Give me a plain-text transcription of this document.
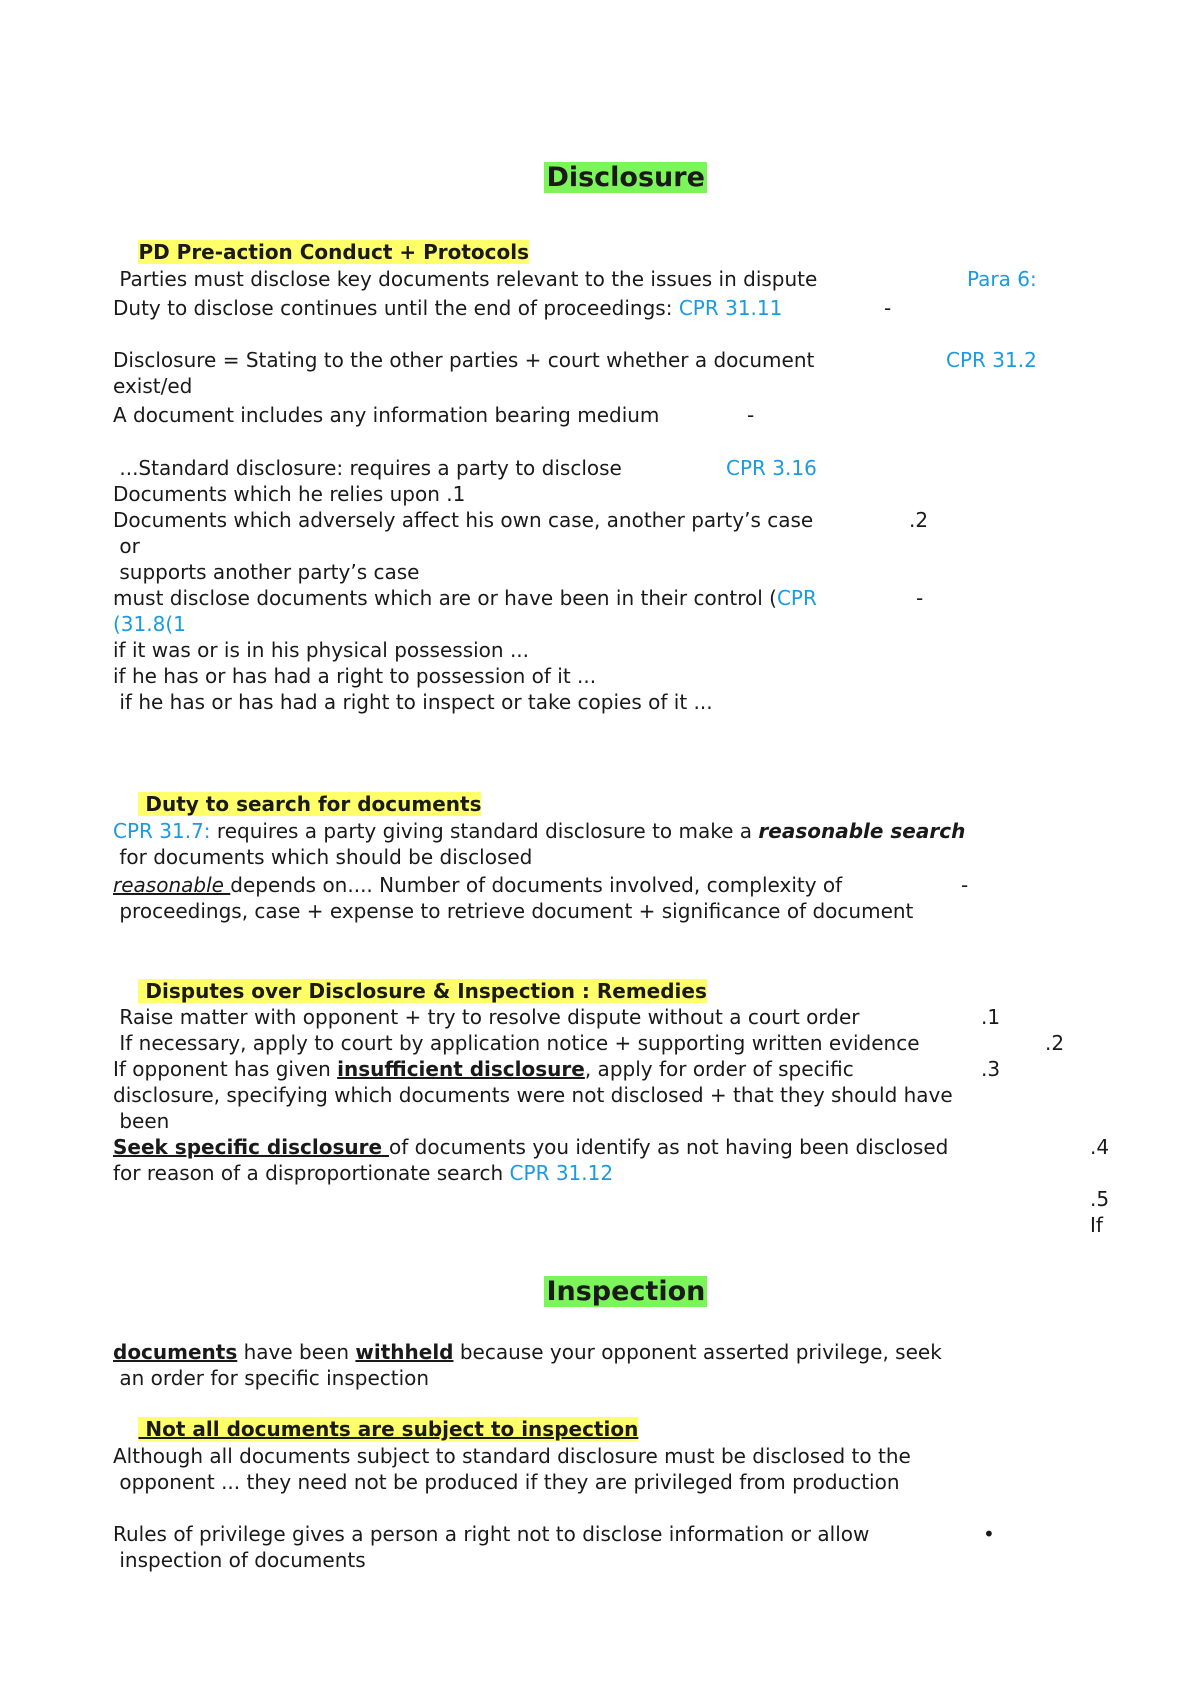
Disclosure

PD Pre-action Conduct + Protocols

Parties must disclose key documents relevant to the issues in dispute	Para 6:
Duty to disclose continues until the end of proceedings: CPR 31.11	-
Disclosure = Stating to the other parties + court whether a document	CPR 31.2
exist/ed
A document includes any information bearing medium	-
...Standard disclosure: requires a party to disclose	CPR 3.16
Documents which he relies upon .1
Documents which adversely affect his own case, another party’s case	.2
or
supports another party’s case
must disclose documents which are or have been in their control (CPR	-
(31.8(1
if it was or is in his physical possession ...
if he has or has had a right to possession of it ...
if he has or has had a right to inspect or take copies of it ...

Duty to search for documents

CPR 31.7: requires a party giving standard disclosure to make a reasonable search
for documents which should be disclosed
reasonable depends on.... Number of documents involved, complexity of	-
proceedings, case + expense to retrieve document + significance of document

Disputes over Disclosure & Inspection : Remedies

Raise matter with opponent + try to resolve dispute without a court order	.1
If necessary, apply to court by application notice + supporting written evidence	.2
If opponent has given insufficient disclosure, apply for order of specific	.3
disclosure, specifying which documents were not disclosed + that they should have
been
Seek specific disclosure of documents you identify as not having been disclosed	.4
for reason of a disproportionate search CPR 31.12
.5
If

Inspection

documents have been withheld because your opponent asserted privilege, seek
an order for specific inspection

Not all documents are subject to inspection

Although all documents subject to standard disclosure must be disclosed to the
opponent ... they need not be produced if they are privileged from production
Rules of privilege gives a person a right not to disclose information or allow	•
inspection of documents
